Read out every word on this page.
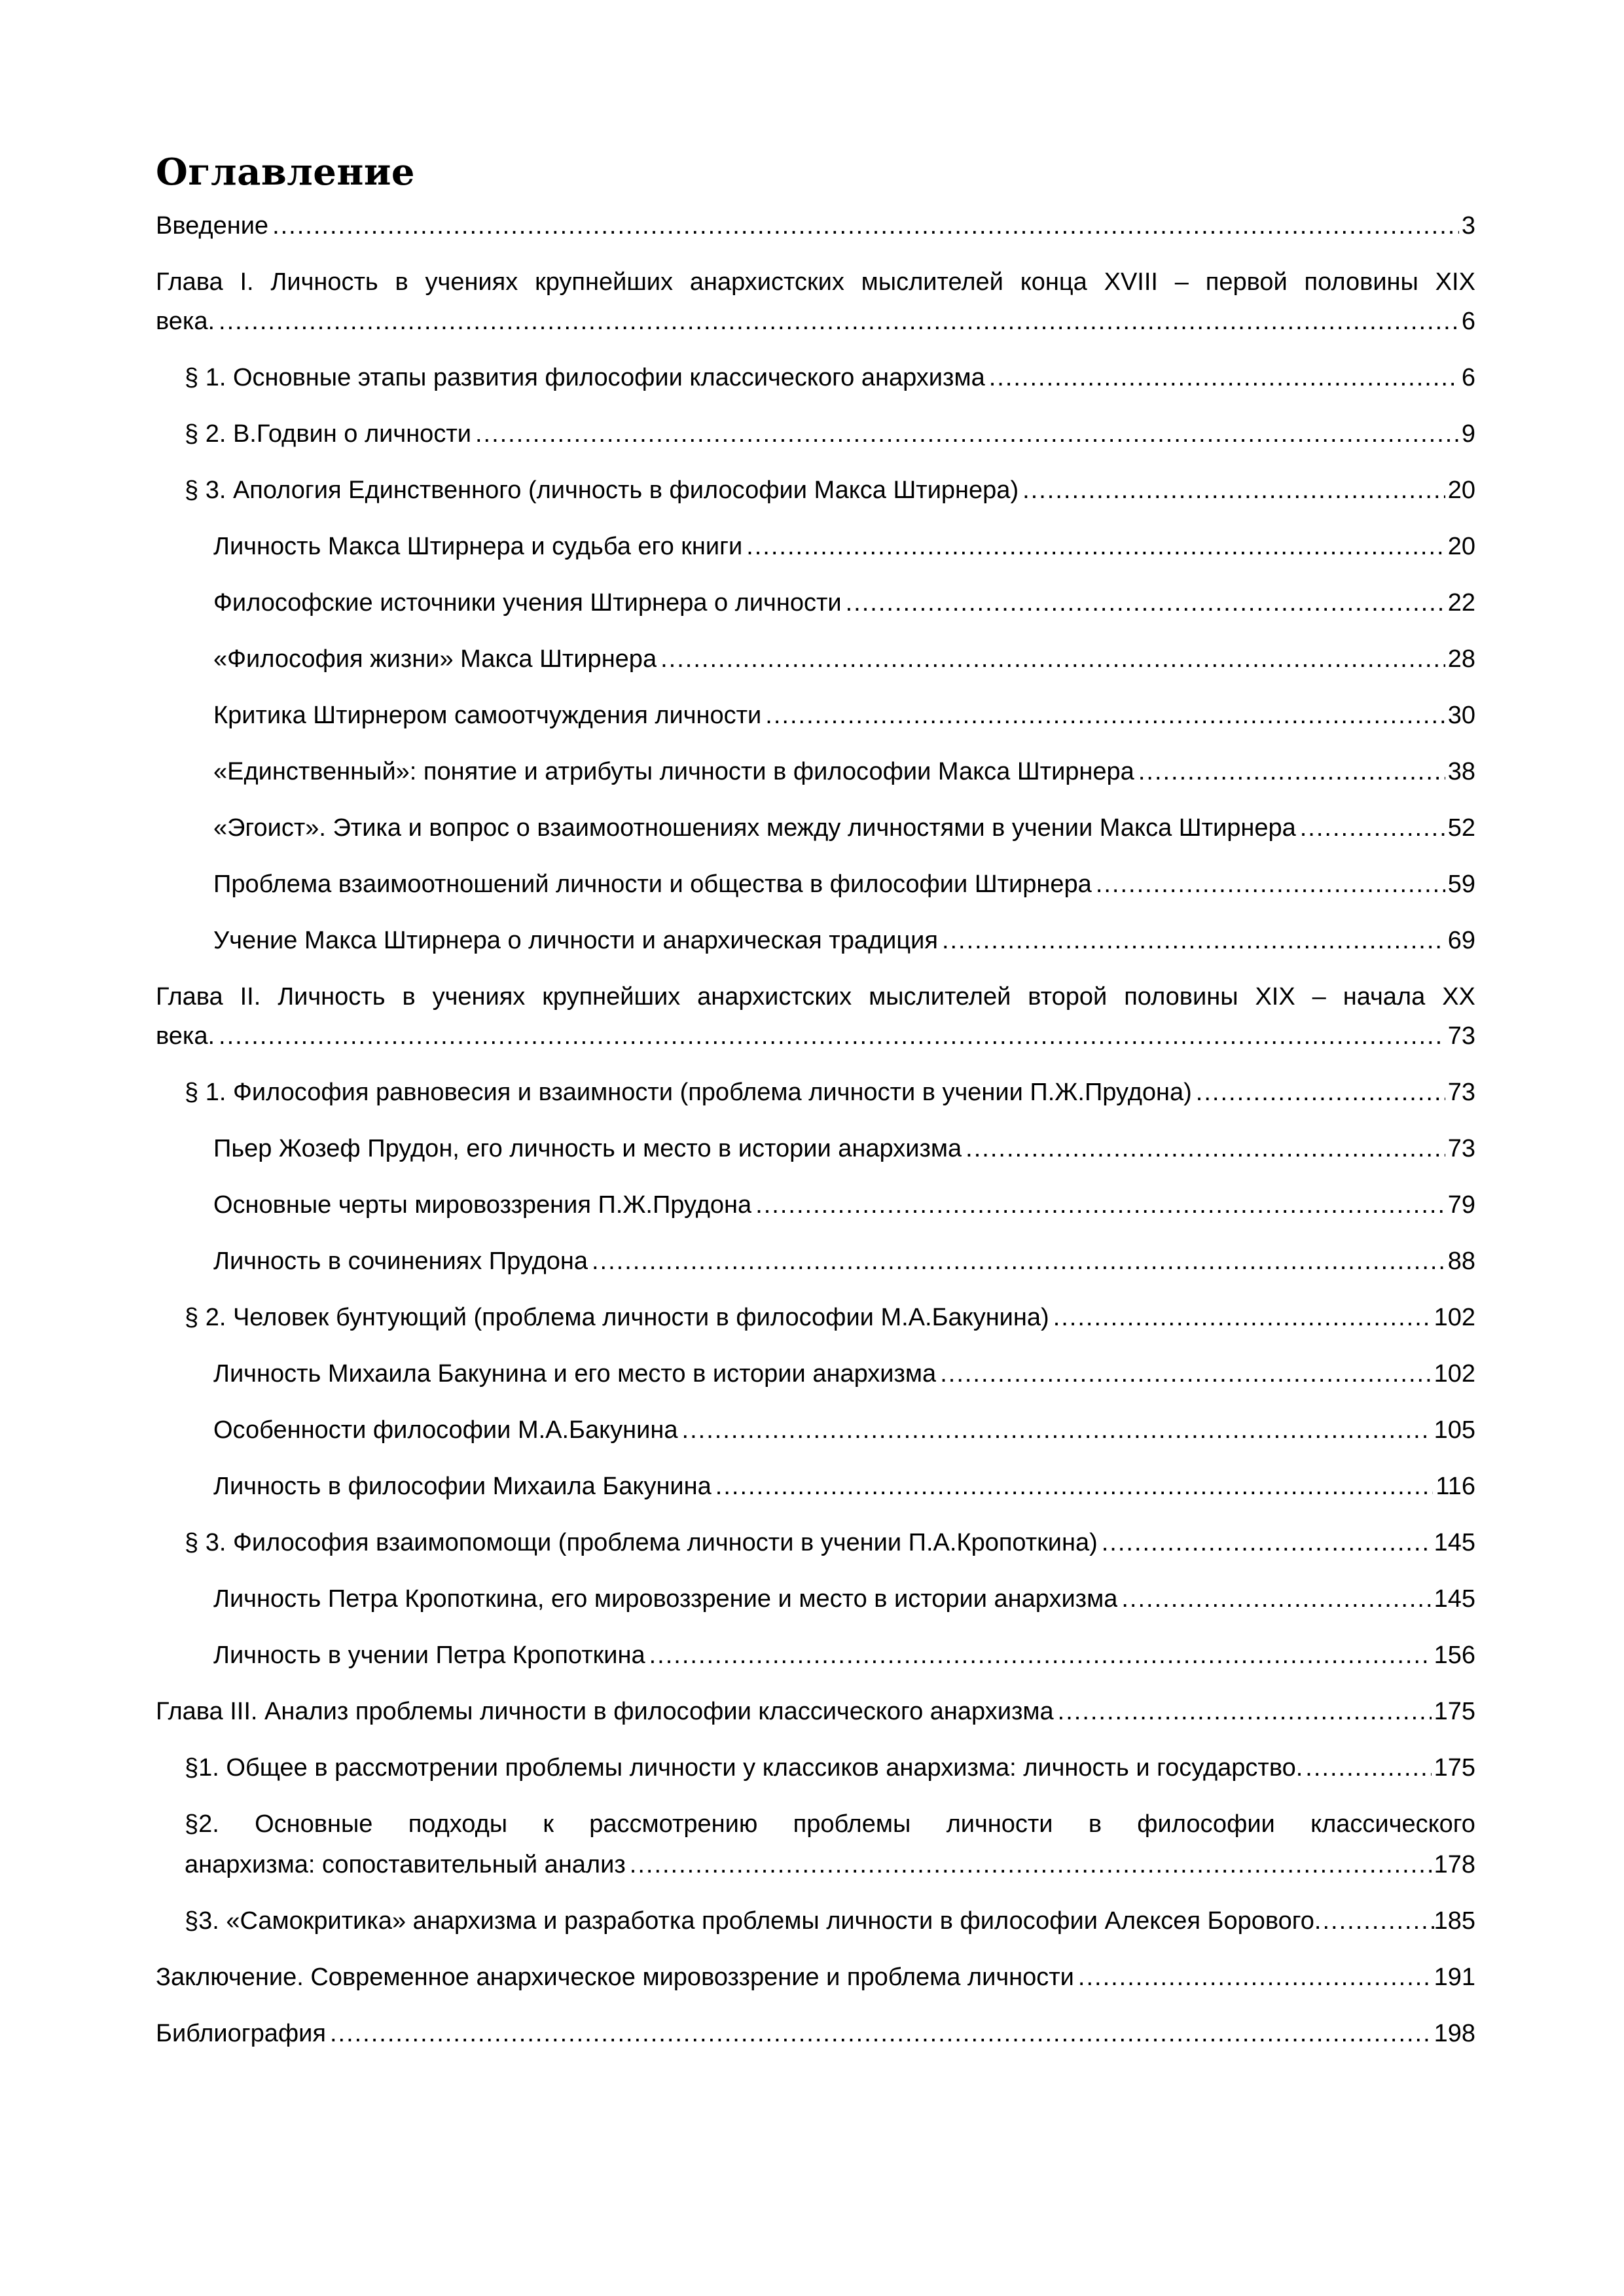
Оглавление
Введение .....	3
Глава I. Личность в учениях крупнейших анархистских мыслителей конца XVIII – первой половины XIX
века. .....	6
§ 1. Основные этапы развития философии классического анархизма .....	6
§ 2. В.Годвин о личности .....	9
§ 3. Апология Единственного (личность в философии Макса Штирнера) .....	20
Личность Макса Штирнера и судьба его книги .....	20
Философские источники учения Штирнера о личности .....	22
«Философия жизни» Макса Штирнера .....	28
Критика Штирнером самоотчуждения личности .....	30
«Единственный»: понятие и атрибуты личности в философии Макса Штирнера .....	38
«Эгоист». Этика и вопрос о взаимоотношениях между личностями в учении Макса Штирнера .....	52
Проблема взаимоотношений личности и общества в философии Штирнера .....	59
Учение Макса Штирнера о личности и анархическая традиция .....	69
Глава II. Личность в учениях крупнейших анархистских мыслителей второй половины XIX – начала XX
века. .....	73
§ 1. Философия равновесия и взаимности (проблема личности в учении П.Ж.Прудона) .....	73
Пьер Жозеф Прудон, его личность и место в истории анархизма .....	73
Основные черты мировоззрения П.Ж.Прудона .....	79
Личность в сочинениях Прудона .....	88
§ 2. Человек бунтующий (проблема личности в философии М.А.Бакунина) .....	102
Личность Михаила Бакунина и его место в истории анархизма .....	102
Особенности философии М.А.Бакунина .....	105
Личность в философии Михаила Бакунина .....	116
§ 3. Философия взаимопомощи (проблема личности в учении П.А.Кропоткина) .....	145
Личность Петра Кропоткина, его мировоззрение и место в истории анархизма .....	145
Личность в учении Петра Кропоткина .....	156
Глава III. Анализ проблемы личности в философии классического анархизма .....	175
§1. Общее в рассмотрении проблемы личности у классиков анархизма: личность и государство. .....	175
§2. Основные подходы к рассмотрению проблемы личности в философии классического
анархизма: сопоставительный анализ .....	178
§3. «Самокритика» анархизма и разработка проблемы личности в философии Алексея Борового .....	185
Заключение. Современное анархическое мировоззрение и проблема личности .....	191
Библиография .....	198
